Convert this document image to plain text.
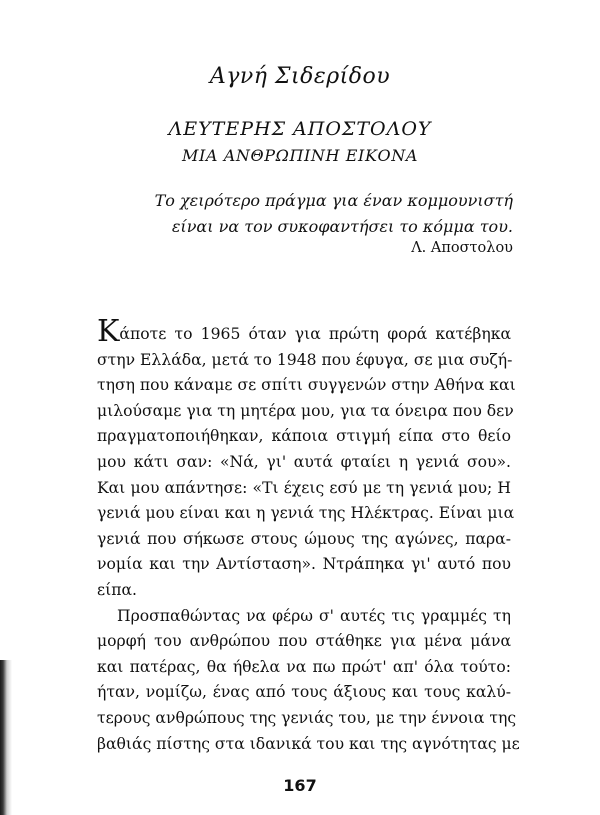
Αγνή Σιδερίδου
ΛΕΥΤΕΡΗΣ ΑΠΟΣΤΟΛΟΥ
ΜΙΑ ΑΝΘΡΩΠΙΝΗ ΕΙΚΟΝΑ
Το χειρότερο πράγμα για έναν κομμουνιστή
είναι να τον συκοφαντήσει το κόμμα του.
Λ. Αποστολου
Κάποτε το 1965 όταν για πρώτη φορά κατέβηκα
στην Ελλάδα, μετά το 1948 που έφυγα, σε μια συζή-
τηση που κάναμε σε σπίτι συγγενών στην Αθήνα και
μιλούσαμε για τη μητέρα μου, για τα όνειρα που δεν
πραγματοποιήθηκαν, κάποια στιγμή είπα στο θείο
μου κάτι σαν: «Νά, γι' αυτά φταίει η γενιά σου».
Και μου απάντησε: «Τι έχεις εσύ με τη γενιά μου; Η
γενιά μου είναι και η γενιά της Ηλέκτρας. Είναι μια
γενιά που σήκωσε στους ώμους της αγώνες, παρα-
νομία και την Αντίσταση». Ντράπηκα γι' αυτό που
είπα.
Προσπαθώντας να φέρω σ' αυτές τις γραμμές τη
μορφή του ανθρώπου που στάθηκε για μένα μάνα
και πατέρας, θα ήθελα να πω πρώτ' απ' όλα τούτο:
ήταν, νομίζω, ένας από τους άξιους και τους καλύ-
τερους ανθρώπους της γενιάς του, με την έννοια της
βαθιάς πίστης στα ιδανικά του και της αγνότητας με
167
